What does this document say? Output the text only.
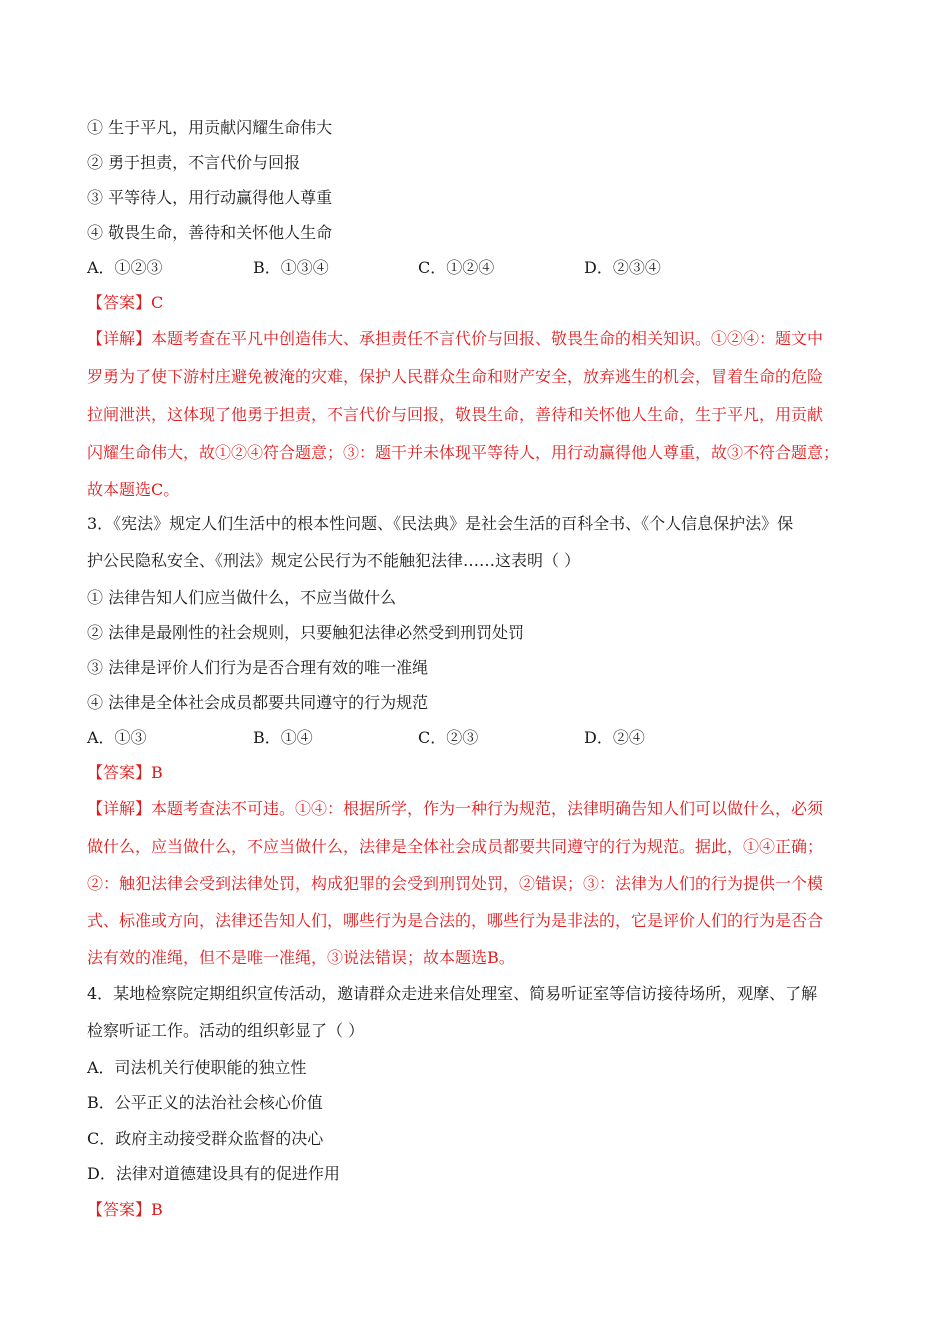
① 生于平凡，用贡献闪耀生命伟大
② 勇于担责，不言代价与回报
③ 平等待人，用行动赢得他人尊重
④ 敬畏生命，善待和关怀他人生命
A．①②③	B．①③④	C．①②④	D．②③④
【答案】C
【详解】本题考查在平凡中创造伟大、承担责任不言代价与回报、敬畏生命的相关知识。①②④：题文中
罗勇为了使下游村庄避免被淹的灾难，保护人民群众生命和财产安全，放弃逃生的机会，冒着生命的危险
拉闸泄洪，这体现了他勇于担责，不言代价与回报，敬畏生命，善待和关怀他人生命，生于平凡，用贡献
闪耀生命伟大，故①②④符合题意；③：题干并未体现平等待人，用行动赢得他人尊重，故③不符合题意；
故本题选C。
3．《宪法》规定人们生活中的根本性问题、《民法典》是社会生活的百科全书、《个人信息保护法》保
护公民隐私安全、《刑法》规定公民行为不能触犯法律……这表明（ ）
① 法律告知人们应当做什么，不应当做什么
② 法律是最刚性的社会规则，只要触犯法律必然受到刑罚处罚
③ 法律是评价人们行为是否合理有效的唯一准绳
④ 法律是全体社会成员都要共同遵守的行为规范
A．①③	B．①④	C．②③	D．②④
【答案】B
【详解】本题考查法不可违。①④：根据所学，作为一种行为规范，法律明确告知人们可以做什么，必须
做什么，应当做什么，不应当做什么，法律是全体社会成员都要共同遵守的行为规范。据此，①④正确；
②：触犯法律会受到法律处罚，构成犯罪的会受到刑罚处罚，②错误；③：法律为人们的行为提供一个模
式、标准或方向，法律还告知人们，哪些行为是合法的，哪些行为是非法的，它是评价人们的行为是否合
法有效的准绳，但不是唯一准绳，③说法错误；故本题选B。
4．某地检察院定期组织宣传活动，邀请群众走进来信处理室、简易听证室等信访接待场所，观摩、了解
检察听证工作。活动的组织彰显了（ ）
A．司法机关行使职能的独立性
B．公平正义的法治社会核心价值
C．政府主动接受群众监督的决心
D．法律对道德建设具有的促进作用
【答案】B
